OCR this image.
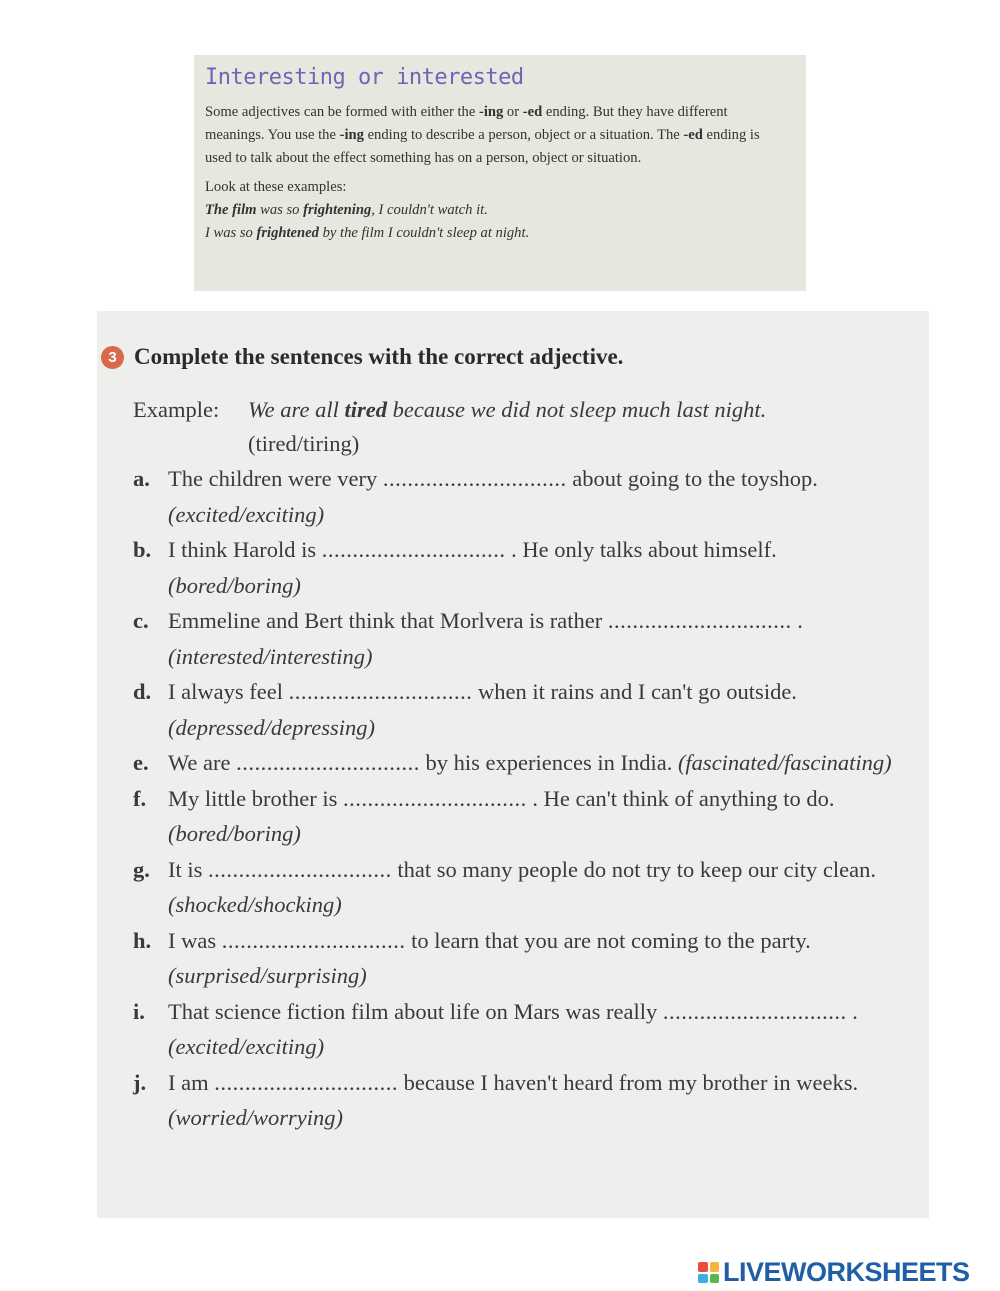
Interesting or interested

Some adjectives can be formed with either the -ing or -ed ending. But they have different meanings. You use the -ing ending to describe a person, object or a situation. The -ed ending is used to talk about the effect something has on a person, object or situation.

Look at these examples:

The film was so frightening, I couldn't watch it.

I was so frightened by the film I couldn't sleep at night.

3 Complete the sentences with the correct adjective.
Example:	We are all tired because we did not sleep much last night.
(tired/tiring)
a. The children were very .............................. about going to the toyshop. (excited/exciting)
b. I think Harold is .............................. . He only talks about himself. (bored/boring)
c. Emmeline and Bert think that Morlvera is rather .............................. . (interested/interesting)
d. I always feel .............................. when it rains and I can't go outside. (depressed/depressing)
e. We are .............................. by his experiences in India. (fascinated/fascinating)
f. My little brother is .............................. . He can't think of anything to do. (bored/boring)
g. It is .............................. that so many people do not try to keep our city clean. (shocked/shocking)
h. I was .............................. to learn that you are not coming to the party. (surprised/surprising)
i.	That science fiction film about life on Mars was really .............................. . (excited/exciting)
j. I am .............................. because I haven't heard from my brother in weeks. (worried/worrying)
LIVEWORKSHEETS
